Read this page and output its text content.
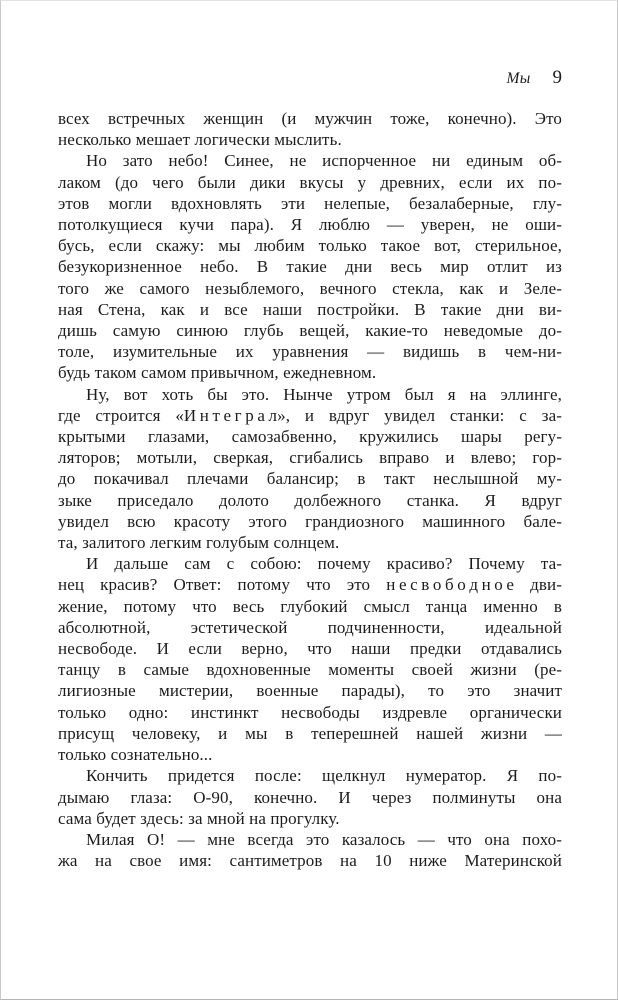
Мы 9
всех встречных женщин (и мужчин тоже, конечно). Это
несколько мешает логически мыслить.
Но зато небо! Синее, не испорченное ни единым об-
лаком (до чего были дики вкусы у древних, если их по-
этов могли вдохновлять эти нелепые, безалаберные, глу-
потолкущиеся кучи пара). Я люблю — уверен, не оши-
бусь, если скажу: мы любим только такое вот, стерильное,
безукоризненное небо. В такие дни весь мир отлит из
того же самого незыблемого, вечного стекла, как и Зеле-
ная Стена, как и все наши постройки. В такие дни ви-
дишь самую синюю глубь вещей, какие-то неведомые до-
толе, изумительные их уравнения — видишь в чем-ни-
будь таком самом привычном, ежедневном.
Ну, вот хоть бы это. Нынче утром был я на эллинге,
где строится «И н т е г р а л», и вдруг увидел станки: с за-
крытыми глазами, самозабвенно, кружились шары регу-
ляторов; мотыли, сверкая, сгибались вправо и влево; гор-
до покачивал плечами балансир; в такт неслышной му-
зыке приседало долото долбежного станка. Я вдруг
увидел всю красоту этого грандиозного машинного бале-
та, залитого легким голубым солнцем.
И дальше сам с собою: почему красиво? Почему та-
нец красив? Ответ: потому что это н е с в о б о д н о е дви-
жение, потому что весь глубокий смысл танца именно в
абсолютной, эстетической подчиненности, идеальной
несвободе. И если верно, что наши предки отдавались
танцу в самые вдохновенные моменты своей жизни (ре-
лигиозные мистерии, военные парады), то это значит
только одно: инстинкт несвободы издревле органически
присущ человеку, и мы в теперешней нашей жизни —
только сознательно...
Кончить придется после: щелкнул нумератор. Я по-
дымаю глаза: О-90, конечно. И через полминуты она
сама будет здесь: за мной на прогулку.
Милая О! — мне всегда это казалось — что она похо-
жа на свое имя: сантиметров на 10 ниже Материнской
